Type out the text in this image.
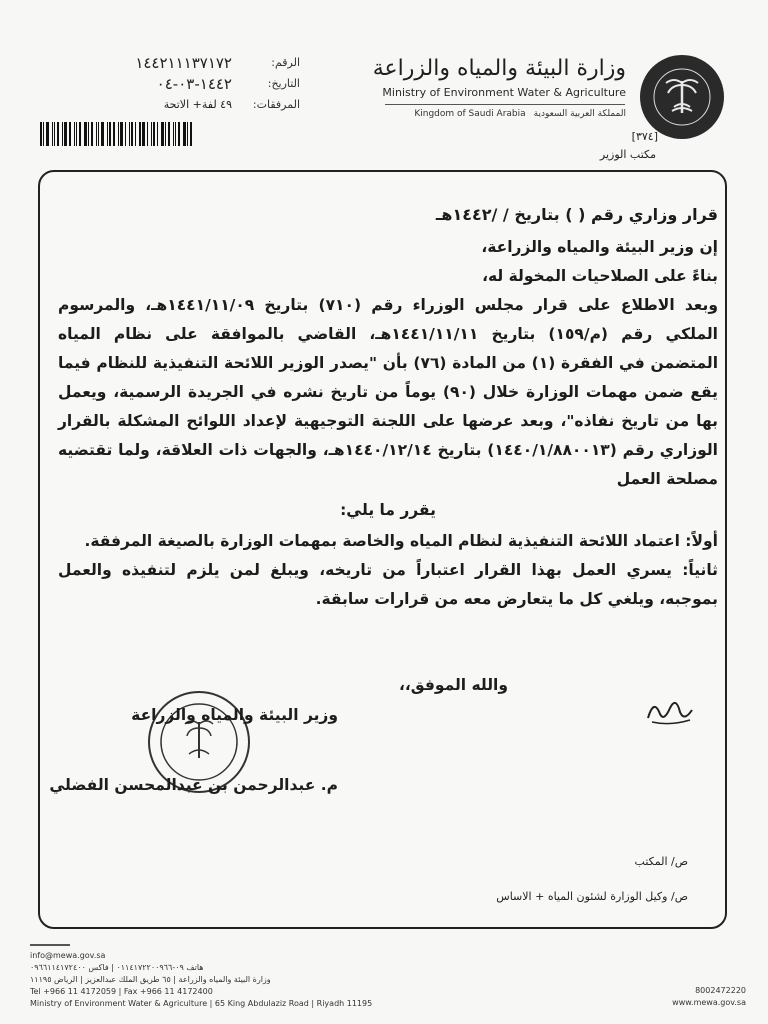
وزارة البيئة والمياه والزراعة
Ministry of Environment Water & Agriculture
Kingdom of Saudi Arabia المملكة العربية السعودية
[٣٧٤]
مكتب الوزير
الرقم:
١٤٤٢١١١٣٧١٧٢
التاريخ:
١٤٤٢-٠٣-٠٤
المرفقات:
٤٩ لفة+ الاتحة

قرار وزاري رقم ( ) بتاريخ / /١٤٤٢هـ

إن وزير البيئة والمياه والزراعة،

بناءً على الصلاحيات المخولة له،

وبعد الاطلاع على قرار مجلس الوزراء رقم (٧١٠) بتاريخ ١٤٤١/١١/٠٩هـ، والمرسوم الملكي رقم (م/١٥٩) بتاريخ ١٤٤١/١١/١١هـ، القاضي بالموافقة على نظام المياه المتضمن في الفقرة (١) من المادة (٧٦) بأن "يصدر الوزير اللائحة التنفيذية للنظام فيما يقع ضمن مهمات الوزارة خلال (٩٠) يوماً من تاريخ نشره في الجريدة الرسمية، ويعمل بها من تاريخ نفاذه"، وبعد عرضها على اللجنة التوجيهية لإعداد اللوائح المشكلة بالقرار الوزاري رقم (١٤٤٠/١/٨٨٠٠١٣) بتاريخ ١٤٤٠/١٢/١٤هـ، والجهات ذات العلاقة، ولما تقتضيه مصلحة العمل

يقرر ما يلي:

أولاً: اعتماد اللائحة التنفيذية لنظام المياه والخاصة بمهمات الوزارة بالصيغة المرفقة.

ثانياً: يسري العمل بهذا القرار اعتباراً من تاريخه، ويبلغ لمن يلزم لتنفيذه والعمل بموجبه، ويلغي كل ما يتعارض معه من قرارات سابقة.

والله الموفق،،
وزير البيئة والمياه والزراعة
م. عبدالرحمن بن عبدالمحسن الفضلي
ص/ المكتب
ص/ وكيل الوزارة لشئون المياه + الاساس
info@mewa.gov.sa
هاتف ٠٩-٠١١٤١٧٢٢٠٠٩٦٦ | فاكس ٠٩٦٦١١٤١٧٢٤٠٠
وزارة البيئة والمياه والزراعة | ٦٥ طريق الملك عبدالعزيز | الرياض ١١١٩٥
Tel +966 11 4172059 | Fax +966 11 4172400
Ministry of Environment Water & Agriculture | 65 King Abdulaziz Road | Riyadh 11195
8002472220
www.mewa.gov.sa
